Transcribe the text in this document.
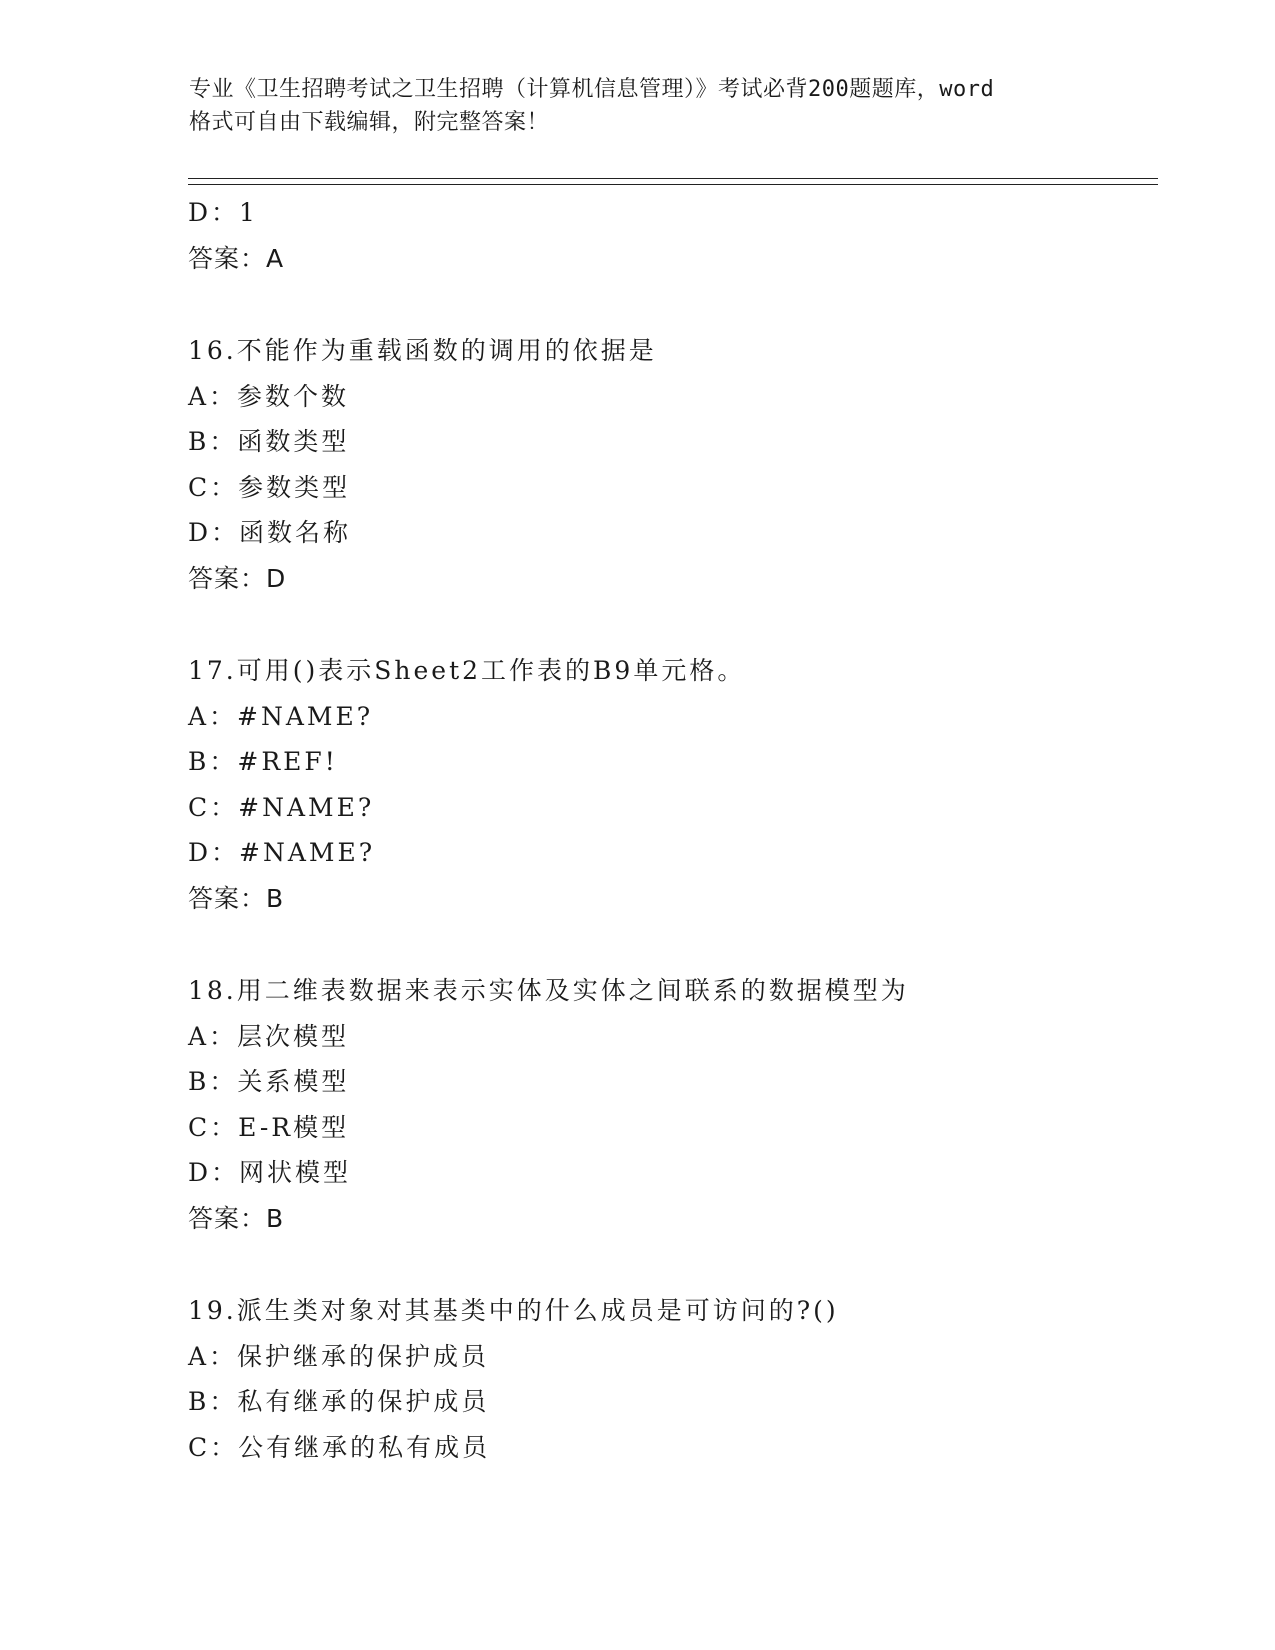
专业《卫生招聘考试之卫生招聘（计算机信息管理）》考试必背200题题库，word
格式可自由下载编辑，附完整答案！
D：1
答案：A
16.不能作为重载函数的调用的依据是
A：参数个数
B：函数类型
C：参数类型
D：函数名称
答案：D
17.可用()表示Sheet2工作表的B9单元格。
A：#NAME?
B：#REF!
C：#NAME?
D：#NAME?
答案：B
18.用二维表数据来表示实体及实体之间联系的数据模型为
A：层次模型
B：关系模型
C：E-R模型
D：网状模型
答案：B
19.派生类对象对其基类中的什么成员是可访问的?()
A：保护继承的保护成员
B：私有继承的保护成员
C：公有继承的私有成员
